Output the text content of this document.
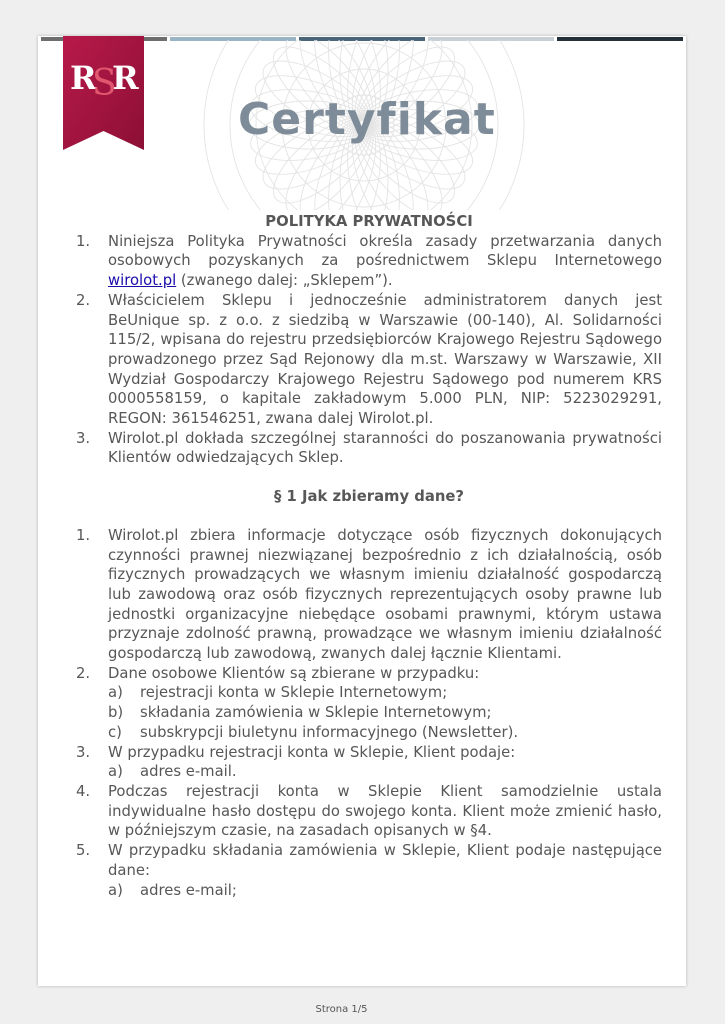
R R
S
Certyfikat

POLITYKA PRYWATNOŚCI

1. Niniejsza Polityka Prywatności określa zasady przetwarzania danych osobowych pozyskanych za pośrednictwem Sklepu Internetowego wirolot.pl (zwanego dalej: „Sklepem”).
2. Właścicielem Sklepu i jednocześnie administratorem danych jest BeUnique sp. z o.o. z siedzibą w Warszawie (00-140), Al. Solidarności 115/2, wpisana do rejestru przedsiębiorców Krajowego Rejestru Sądowego prowadzonego przez Sąd Rejonowy dla m.st. Warszawy w Warszawie, XII Wydział Gospodarczy Krajowego Rejestru Sądowego pod numerem KRS 0000558159, o kapitale zakładowym 5.000 PLN, NIP: 5223029291, REGON: 361546251, zwana dalej Wirolot.pl.
3. Wirolot.pl dokłada szczególnej staranności do poszanowania prywatności Klientów odwiedzających Sklep.

§ 1 Jak zbieramy dane?

1. Wirolot.pl zbiera informacje dotyczące osób fizycznych dokonujących czynności prawnej niezwiązanej bezpośrednio z ich działalnością, osób fizycznych prowadzących we własnym imieniu działalność gospodarczą lub zawodową oraz osób fizycznych reprezentujących osoby prawne lub jednostki organizacyjne niebędące osobami prawnymi, którym ustawa przyznaje zdolność prawną, prowadzące we własnym imieniu działalność gospodarczą lub zawodową, zwanych dalej łącznie Klientami.
2. Dane osobowe Klientów są zbierane w przypadku:
a) rejestracji konta w Sklepie Internetowym;
b) składania zamówienia w Sklepie Internetowym;
c) subskrypcji biuletynu informacyjnego (Newsletter).
3. W przypadku rejestracji konta w Sklepie, Klient podaje:
a) adres e-mail.
4. Podczas rejestracji konta w Sklepie Klient samodzielnie ustala indywidualne hasło dostępu do swojego konta. Klient może zmienić hasło, w późniejszym czasie, na zasadach opisanych w §4.
5. W przypadku składania zamówienia w Sklepie, Klient podaje następujące dane:
a) adres e-mail;
Strona 1/5
